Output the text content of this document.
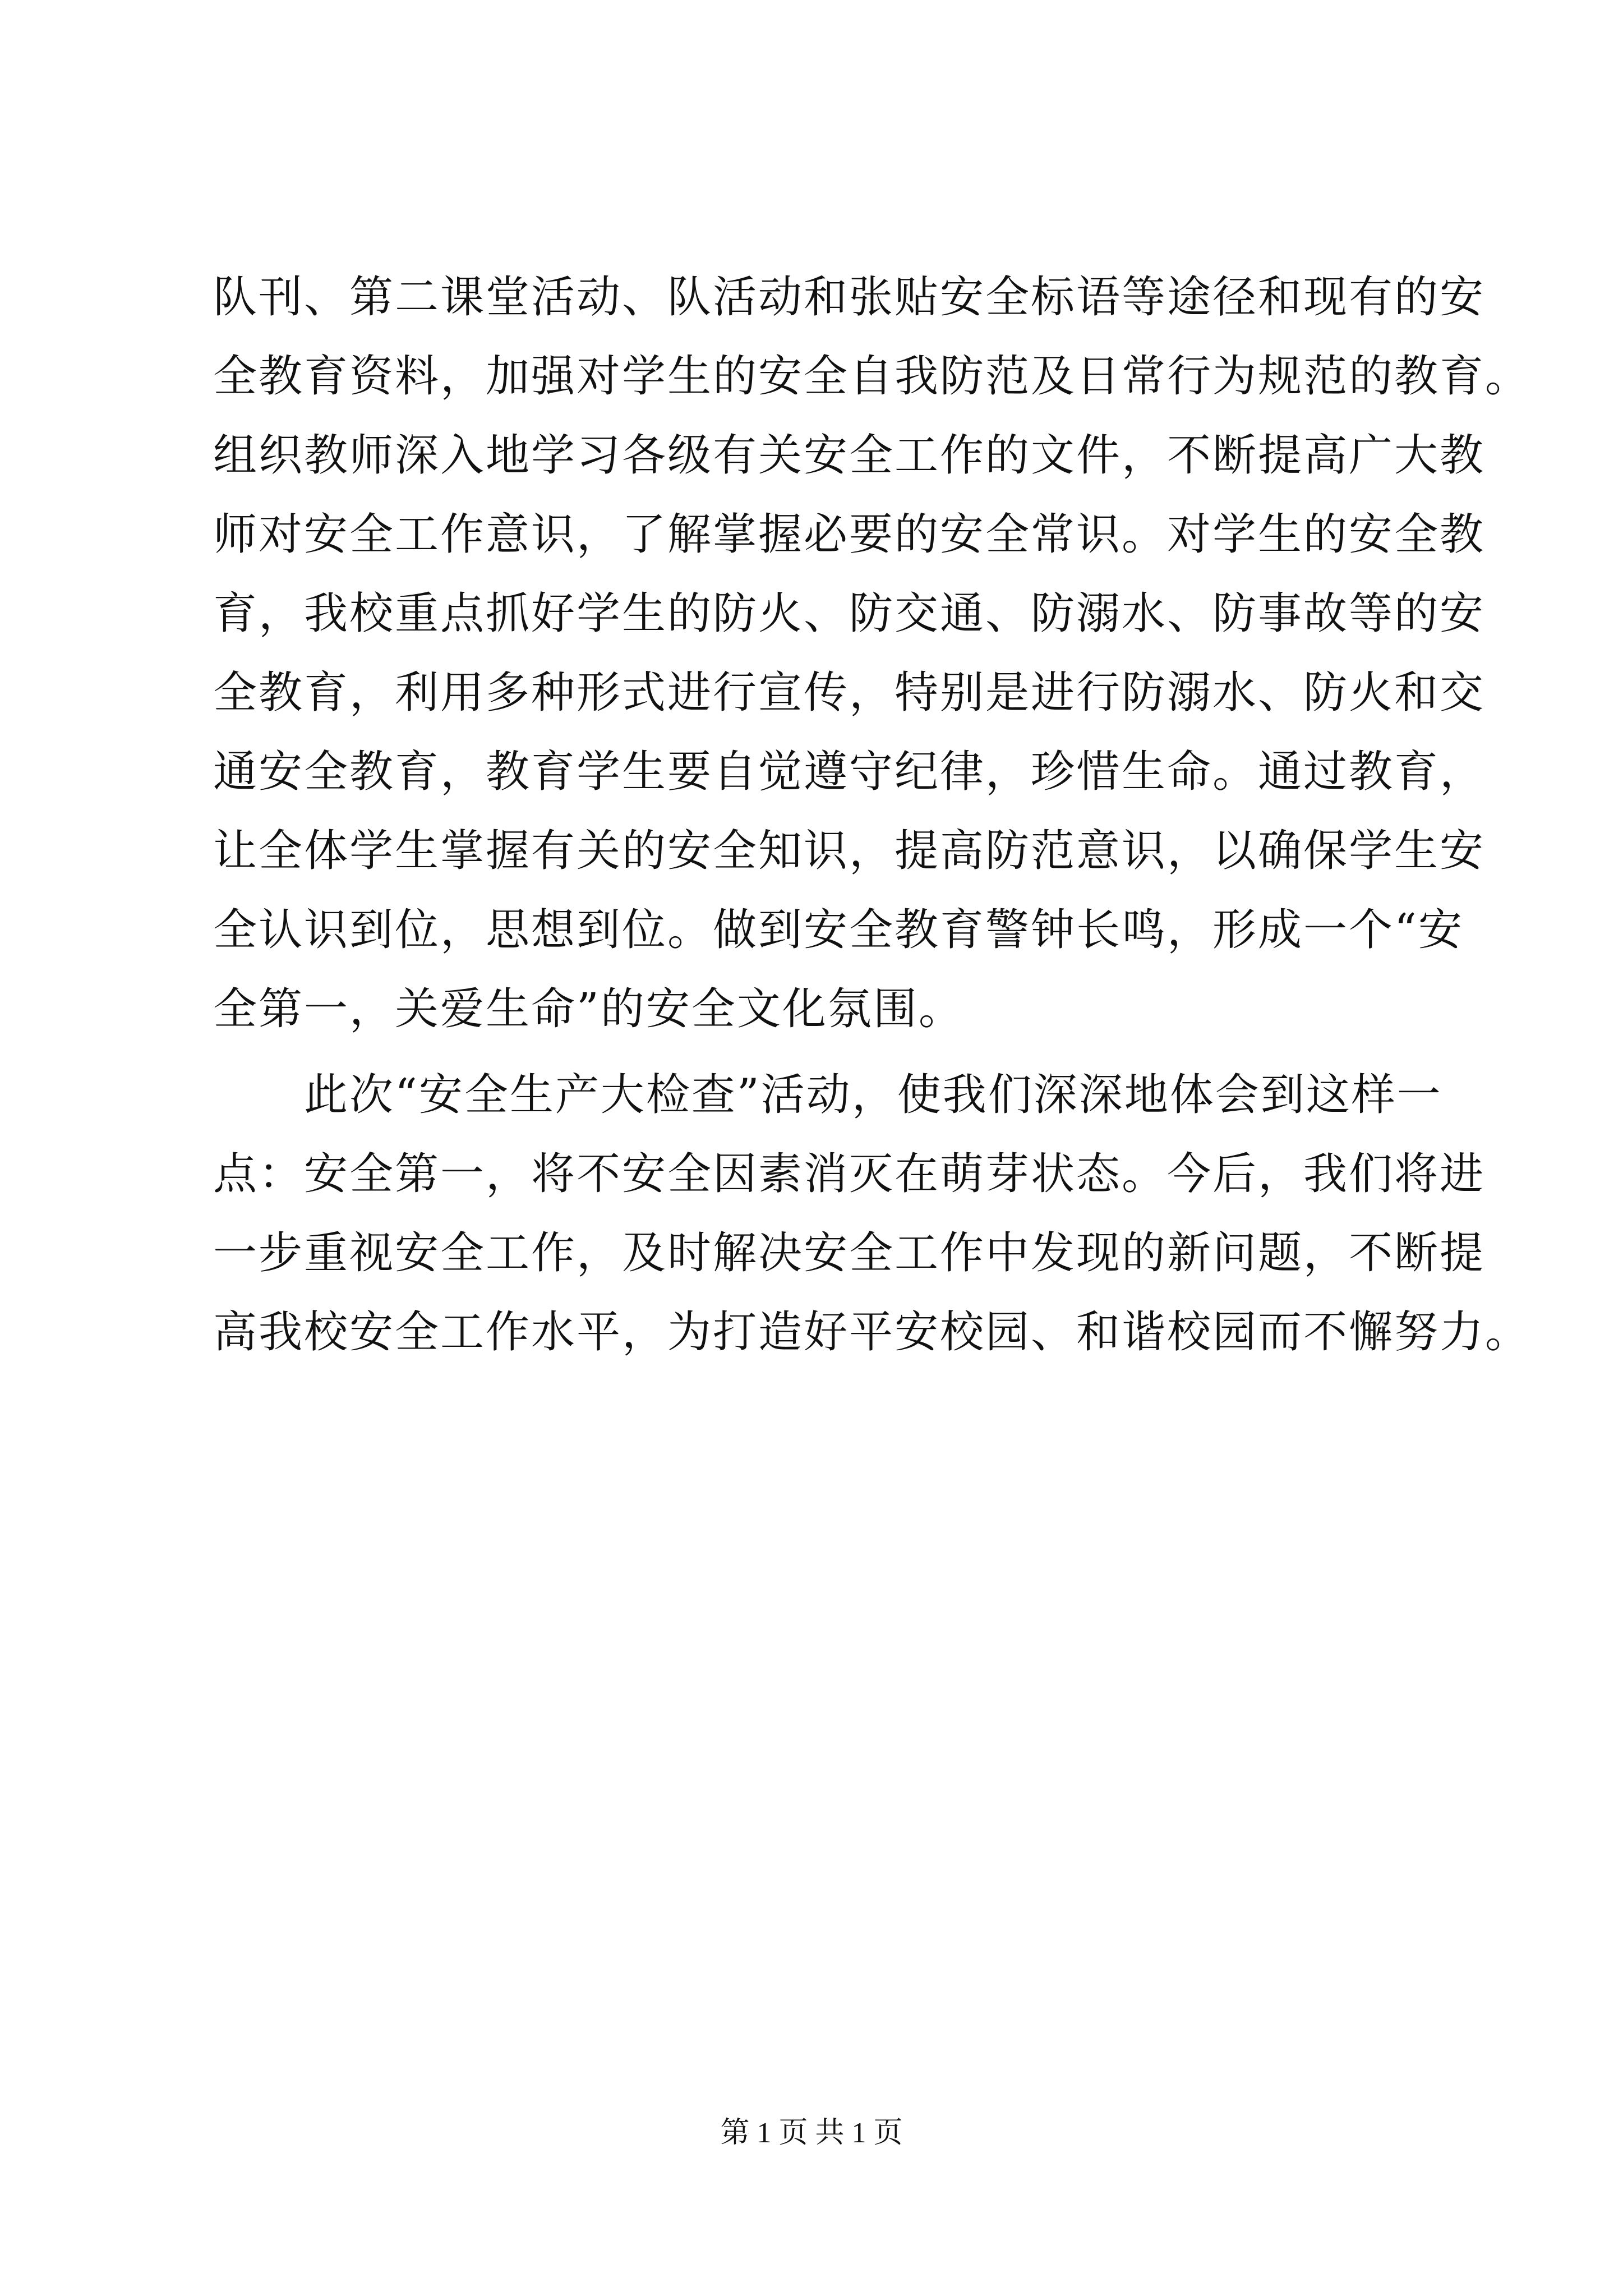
队刊、第二课堂活动、队活动和张贴安全标语等途径和现有的安
全教育资料，加强对学生的安全自我防范及日常行为规范的教育。
组织教师深入地学习各级有关安全工作的文件，不断提高广大教
师对安全工作意识，了解掌握必要的安全常识。对学生的安全教
育，我校重点抓好学生的防火、防交通、防溺水、防事故等的安
全教育，利用多种形式进行宣传，特别是进行防溺水、防火和交
通安全教育，教育学生要自觉遵守纪律，珍惜生命。通过教育，
让全体学生掌握有关的安全知识，提高防范意识，以确保学生安
全认识到位，思想到位。做到安全教育警钟长鸣，形成一个“安
全第一，关爱生命”的安全文化氛围。
　　此次“安全生产大检查”活动，使我们深深地体会到这样一
点：安全第一，将不安全因素消灭在萌芽状态。今后，我们将进
一步重视安全工作，及时解决安全工作中发现的新问题，不断提
高我校安全工作水平，为打造好平安校园、和谐校园而不懈努力。
第 1 页 共 1 页
